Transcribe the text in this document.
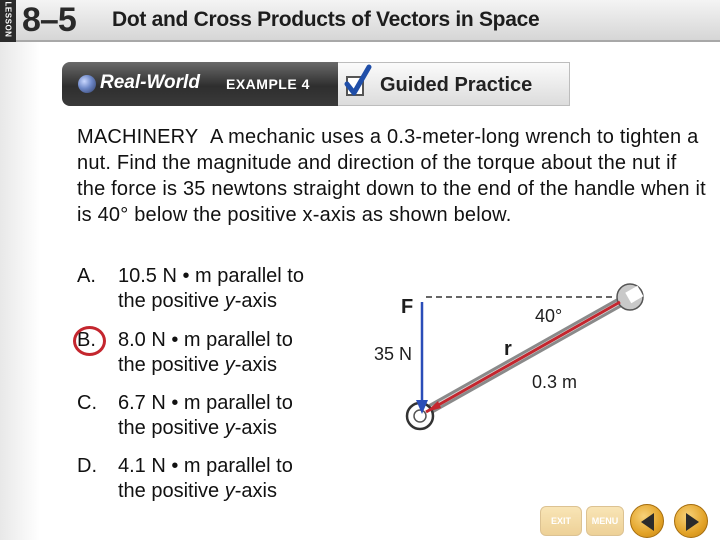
LESSON 8–5 Dot and Cross Products of Vectors in Space
Real-World EXAMPLE 4	Guided Practice
MACHINERY A mechanic uses a 0.3-meter-long wrench to tighten a nut. Find the magnitude and direction of the torque about the nut if the force is 35 newtons straight down to the end of the handle when it is 40° below the positive x-axis as shown below.
A. 10.5 N • m parallel to
the positive y-axis
B. 8.0 N • m parallel to
the positive y-axis
C. 6.7 N • m parallel to
the positive y-axis
D. 4.1 N • m parallel to
the positive y-axis
F
35 N
40°
r
0.3 m
EXIT	MENU
